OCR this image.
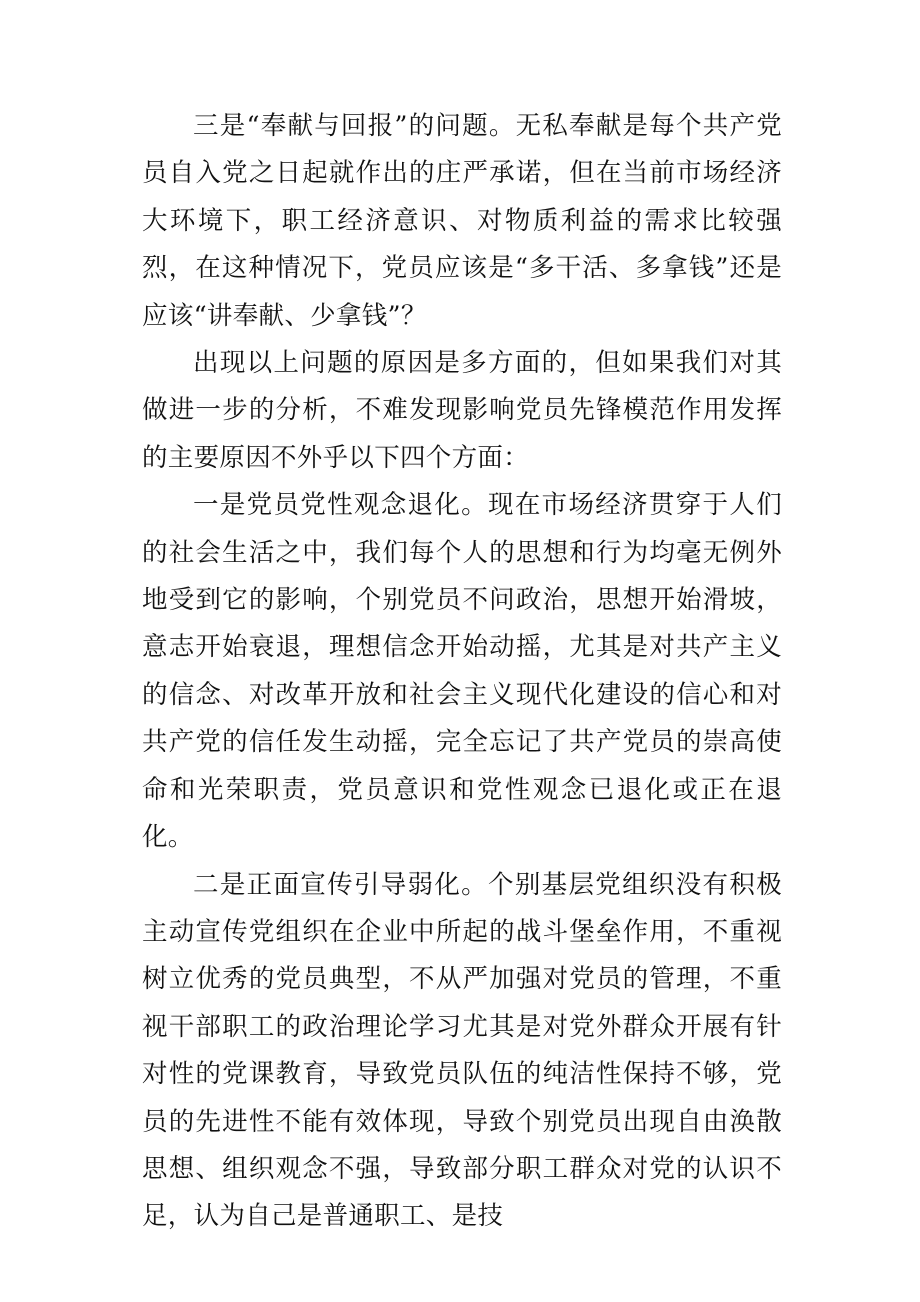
三是“奉献与回报”的问题。无私奉献是每个共产党员自入党之日起就作出的庄严承诺，但在当前市场经济大环境下，职工经济意识、对物质利益的需求比较强烈，在这种情况下，党员应该是“多干活、多拿钱”还是应该“讲奉献、少拿钱”？

出现以上问题的原因是多方面的，但如果我们对其做进一步的分析，不难发现影响党员先锋模范作用发挥的主要原因不外乎以下四个方面：

一是党员党性观念退化。现在市场经济贯穿于人们的社会生活之中，我们每个人的思想和行为均毫无例外地受到它的影响，个别党员不问政治，思想开始滑坡，意志开始衰退，理想信念开始动摇，尤其是对共产主义的信念、对改革开放和社会主义现代化建设的信心和对共产党的信任发生动摇，完全忘记了共产党员的崇高使命和光荣职责，党员意识和党性观念已退化或正在退化。

二是正面宣传引导弱化。个别基层党组织没有积极主动宣传党组织在企业中所起的战斗堡垒作用，不重视树立优秀的党员典型，不从严加强对党员的管理，不重视干部职工的政治理论学习尤其是对党外群众开展有针对性的党课教育，导致党员队伍的纯洁性保持不够，党员的先进性不能有效体现，导致个别党员出现自由涣散思想、组织观念不强，导致部分职工群众对党的认识不足，认为自己是普通职工、是技
